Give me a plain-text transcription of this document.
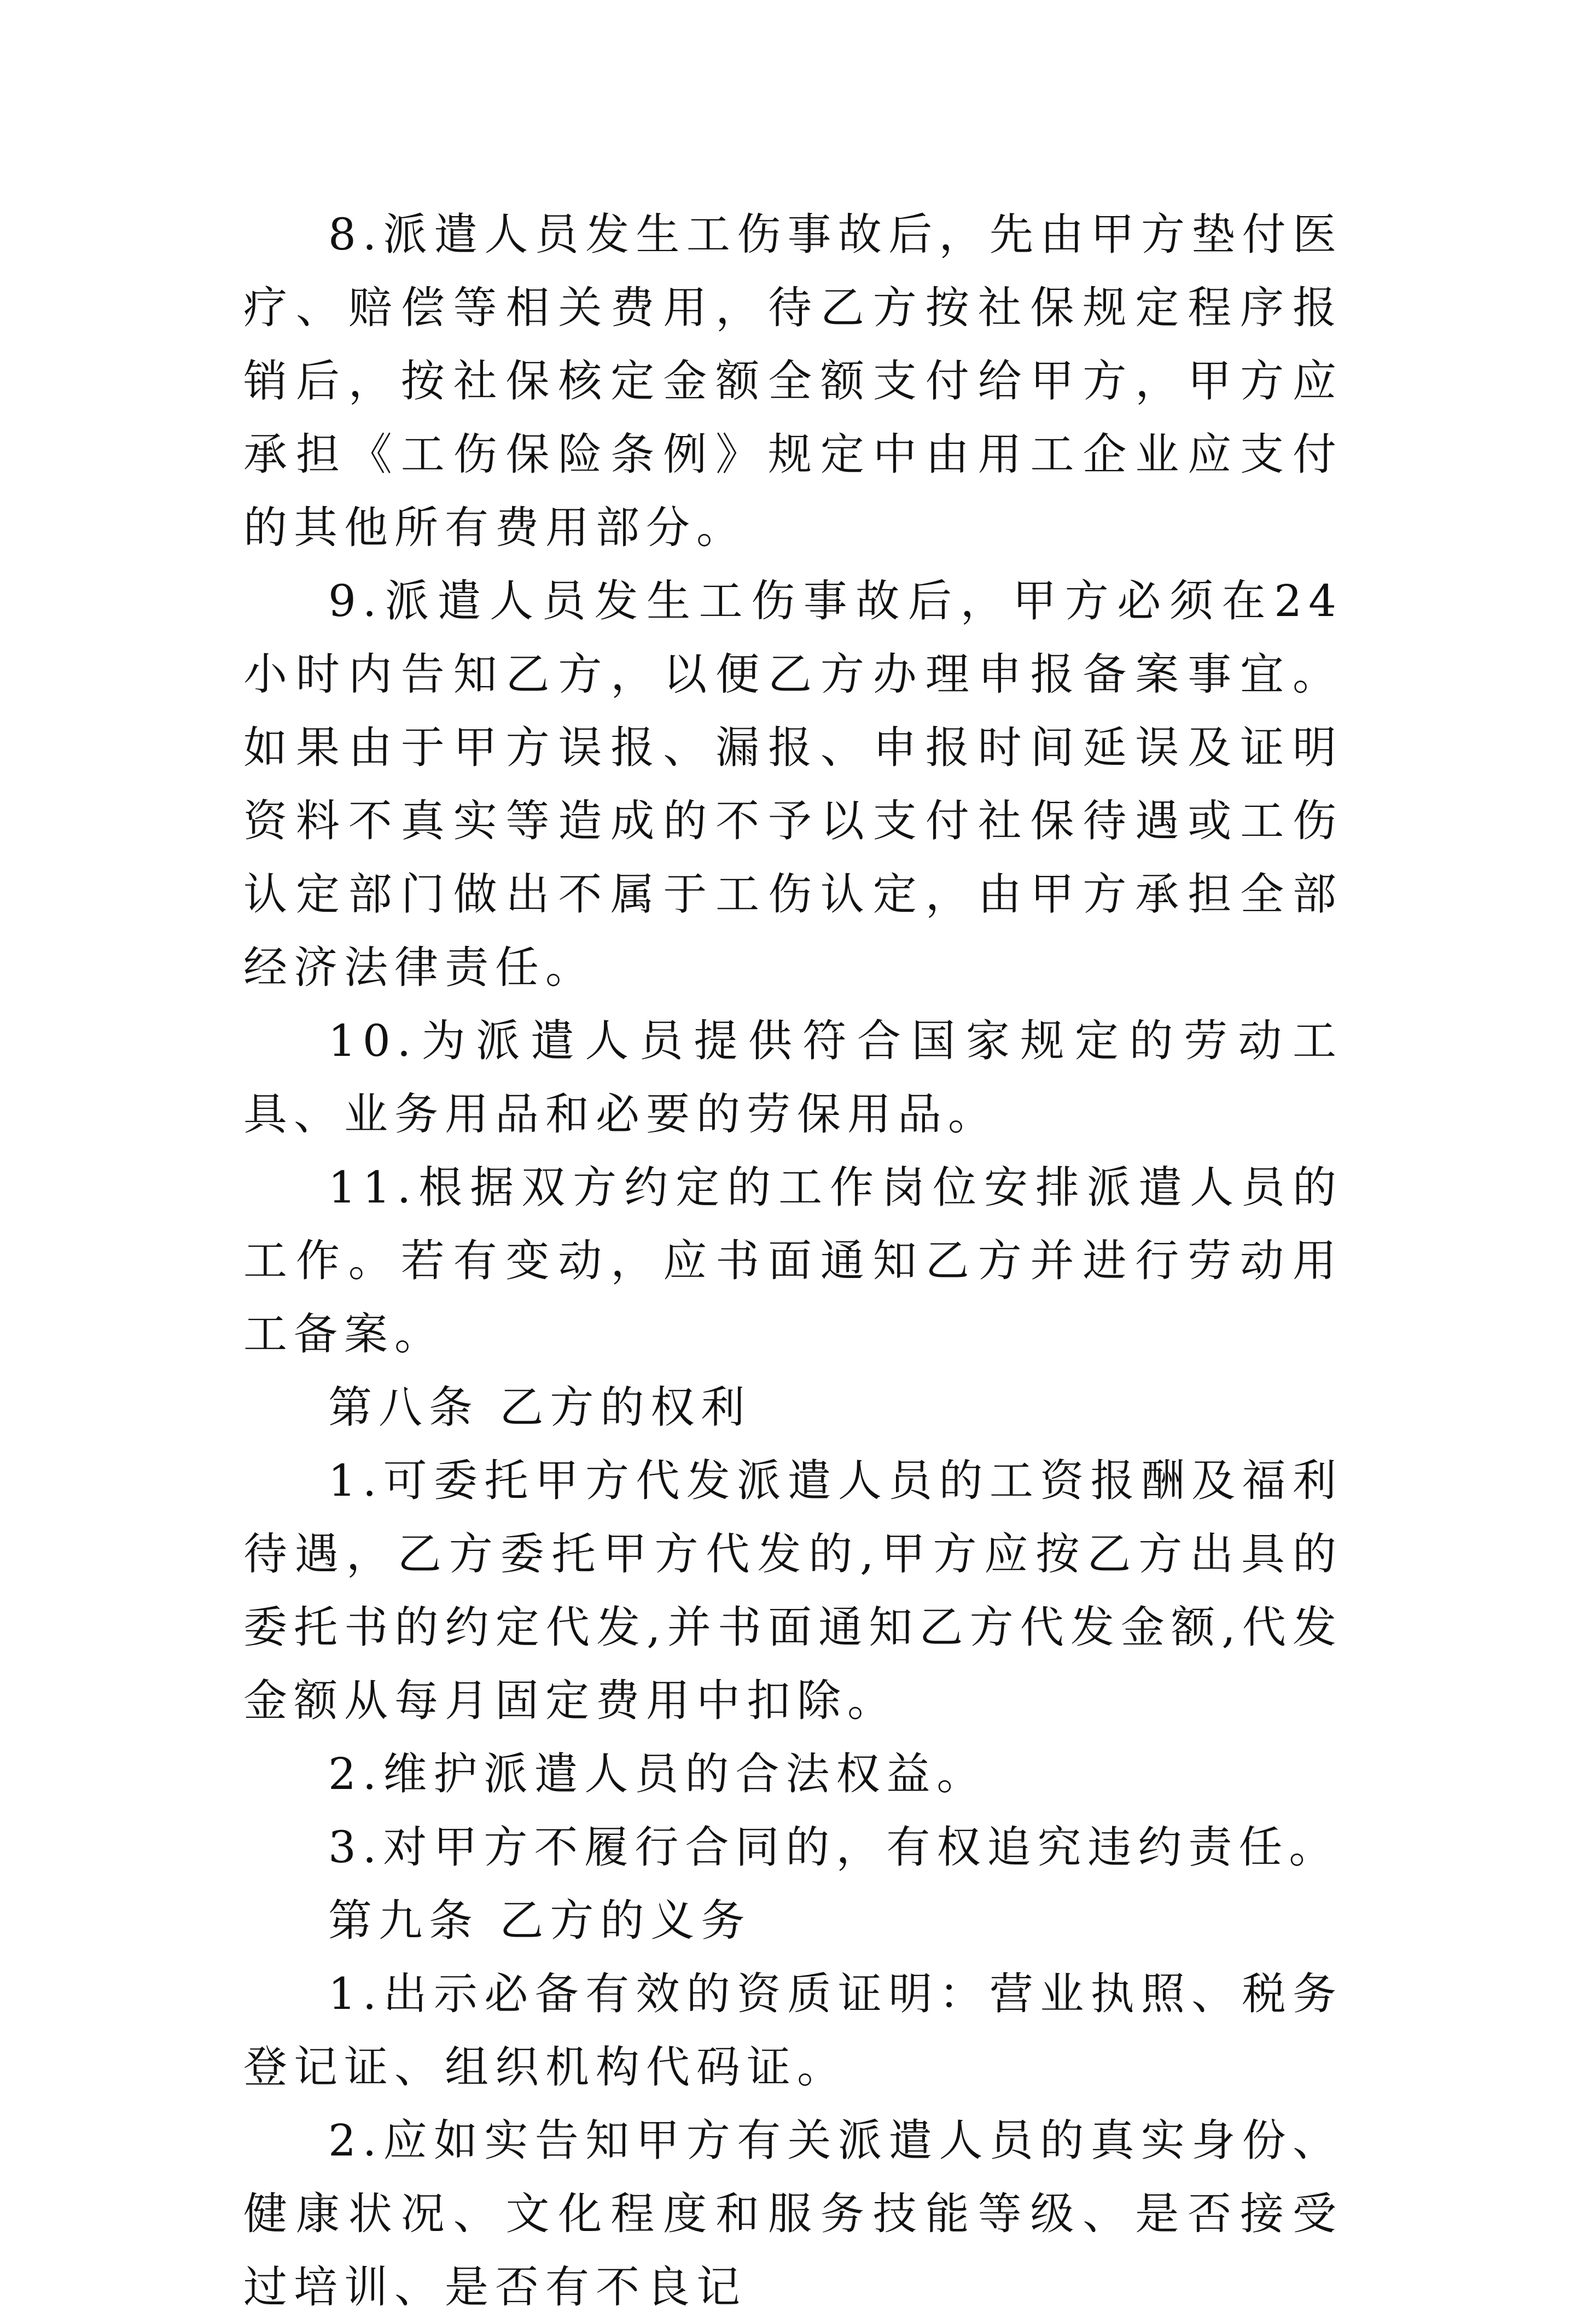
8.派遣人员发生工伤事故后，先由甲方垫付医疗、赔偿等相关费用，待乙方按社保规定程序报销后，按社保核定金额全额支付给甲方，甲方应承担《工伤保险条例》规定中由用工企业应支付的其他所有费用部分。

9.派遣人员发生工伤事故后，甲方必须在24小时内告知乙方，以便乙方办理申报备案事宜。如果由于甲方误报、漏报、申报时间延误及证明资料不真实等造成的不予以支付社保待遇或工伤认定部门做出不属于工伤认定，由甲方承担全部经济法律责任。

10.为派遣人员提供符合国家规定的劳动工具、业务用品和必要的劳保用品。

11.根据双方约定的工作岗位安排派遣人员的工作。若有变动，应书面通知乙方并进行劳动用工备案。

第八条 乙方的权利

1.可委托甲方代发派遣人员的工资报酬及福利待遇，乙方委托甲方代发的,甲方应按乙方出具的委托书的约定代发,并书面通知乙方代发金额,代发金额从每月固定费用中扣除。

2.维护派遣人员的合法权益。

3.对甲方不履行合同的，有权追究违约责任。

第九条 乙方的义务

1.出示必备有效的资质证明：营业执照、税务登记证、组织机构代码证。

2.应如实告知甲方有关派遣人员的真实身份、健康状况、文化程度和服务技能等级、是否接受过培训、是否有不良记
